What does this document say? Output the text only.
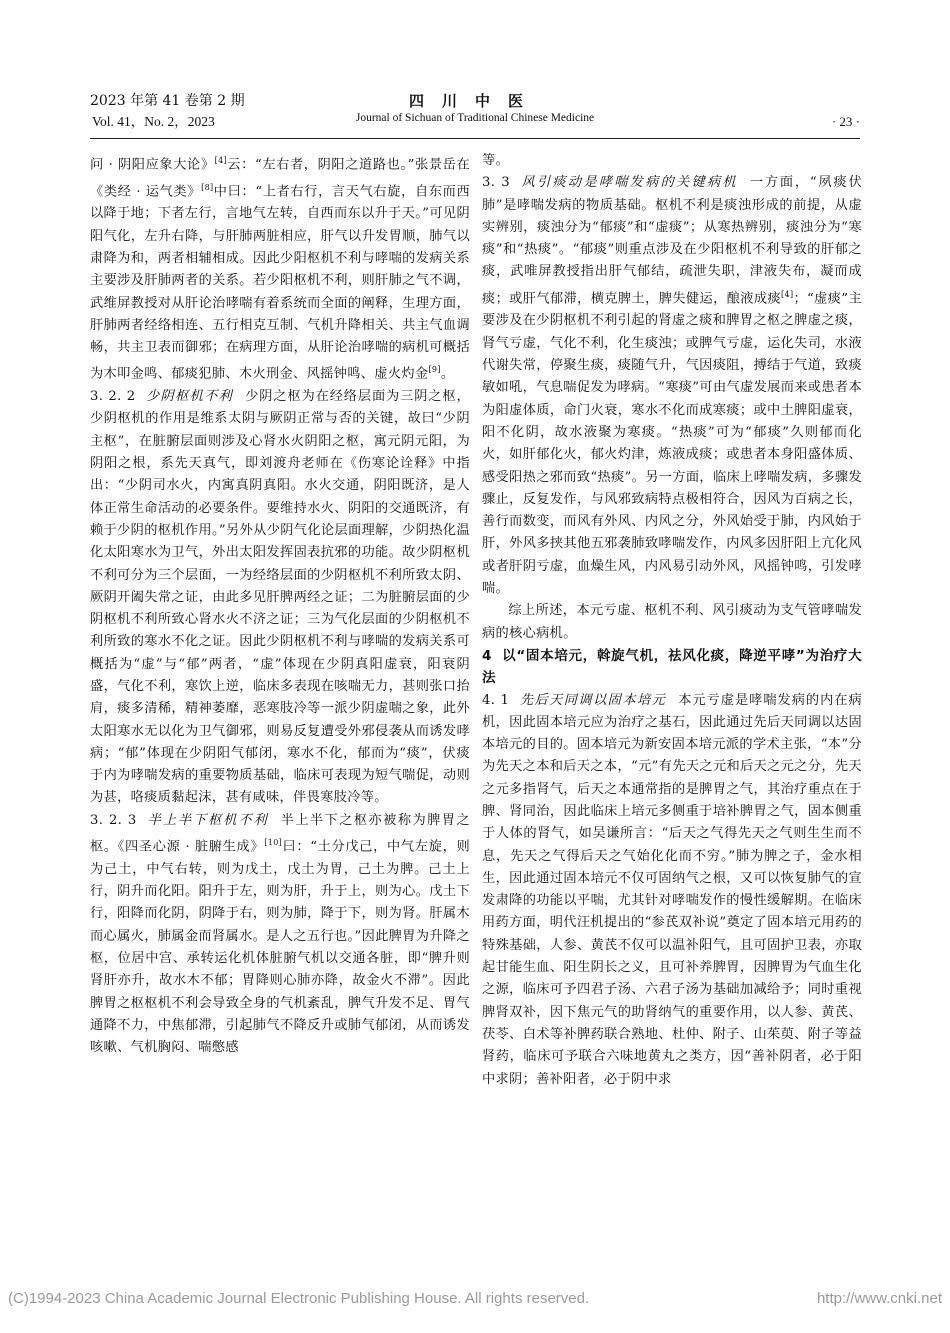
2023 年第 41 卷第 2 期
Vol. 41，No. 2，2023
四川中医
Journal of Sichuan of Traditional Chinese Medicine	· 23 ·

问 · 阴阳应象大论》[4]云：“左右者，阴阳之道路也。”张景岳在《类经 · 运气类》[8]中曰：“上者右行，言天气右旋，自东而西以降于地；下者左行，言地气左转，自西而东以升于天。”可见阴阳气化，左升右降，与肝肺两脏相应，肝气以升发胃顺，肺气以肃降为和，两者相辅相成。因此少阳枢机不利与哮喘的发病关系主要涉及肝肺两者的关系。若少阳枢机不利，则肝肺之气不调，武维屏教授对从肝论治哮喘有着系统而全面的阐释，生理方面，肝肺两者经络相连、五行相克互制、气机升降相关、共主气血调畅，共主卫表而御邪；在病理方面，从肝论治哮喘的病机可概括为木叩金鸣、郁痰犯肺、木火刑金、风摇钟鸣、虚火灼金[9]。

3. 2. 2 少阴枢机不利 少阴之枢为在经络层面为三阴之枢，少阴枢机的作用是维系太阴与厥阴正常与否的关键，故曰“少阴主枢”，在脏腑层面则涉及心肾水火阴阳之枢，寓元阴元阳，为阴阳之根，系先天真气，即刘渡舟老师在《伤寒论诠释》中指出：“少阴司水火，内寓真阴真阳。水火交通，阴阳既济，是人体正常生命活动的必要条件。要维持水火、阴阳的交通既济，有赖于少阴的枢机作用。”另外从少阴气化论层面理解，少阴热化温化太阳寒水为卫气，外出太阳发挥固表抗邪的功能。故少阴枢机不利可分为三个层面，一为经络层面的少阴枢机不利所致太阴、厥阴开阖失常之证，由此多见肝脾两经之证；二为脏腑层面的少阴枢机不利所致心肾水火不济之证；三为气化层面的少阴枢机不利所致的寒水不化之证。因此少阴枢机不利与哮喘的发病关系可概括为“虚”与“郁”两者，“虚”体现在少阴真阳虚衰，阳衰阴盛，气化不利，寒饮上逆，临床多表现在咳喘无力，甚则张口抬肩，痰多清稀，精神萎靡，恶寒肢冷等一派少阴虚喘之象，此外太阳寒水无以化为卫气御邪，则易反复遭受外邪侵袭从而诱发哮病；“郁”体现在少阴阳气郁闭，寒水不化，郁而为“痰”，伏痰于内为哮喘发病的重要物质基础，临床可表现为短气喘促，动则为甚，咯痰质黏起沫，甚有咸味，伴畏寒肢冷等。

3. 2. 3 半上半下枢机不利 半上半下之枢亦被称为脾胃之枢。《四圣心源 · 脏腑生成》[10]曰：“土分戊己，中气左旋，则为己土，中气右转，则为戊土，戊土为胃，己土为脾。己土上行，阴升而化阳。阳升于左，则为肝，升于上，则为心。戊土下行，阳降而化阴，阴降于右，则为肺，降于下，则为肾。肝属木而心属火，肺属金而肾属水。是人之五行也。”因此脾胃为升降之枢，位居中宫、承转运化机体脏腑气机以交通各脏，即“脾升则肾肝亦升，故水木不郁；胃降则心肺亦降，故金火不滞”。因此脾胃之枢枢机不利会导致全身的气机紊乱，脾气升发不足、胃气通降不力，中焦郁滞，引起肺气不降反升或肺气郁闭，从而诱发咳嗽、气机胸闷、喘憋感

等。

3. 3 风引痰动是哮喘发病的关键病机 一方面，“夙痰伏肺”是哮喘发病的物质基础。枢机不利是痰浊形成的前提，从虚实辨别，痰浊分为“郁痰”和“虚痰”；从寒热辨别，痰浊分为“寒痰”和“热痰”。“郁痰”则重点涉及在少阳枢机不利导致的肝郁之痰，武唯屏教授指出肝气郁结，疏泄失职，津液失布，凝而成痰；或肝气郁滞，横克脾土，脾失健运，酿液成痰[4]；“虚痰”主要涉及在少阴枢机不利引起的肾虚之痰和脾胃之枢之脾虚之痰，肾气亏虚，气化不利，化生痰浊；或脾气亏虚，运化失司，水液代谢失常，停聚生痰，痰随气升，气因痰阻，搏结于气道，致痰敏如吼，气息喘促发为哮病。“寒痰”可由气虚发展而来或患者本为阳虚体质，命门火衰，寒水不化而成寒痰；或中土脾阳虚衰，阳不化阴，故水液聚为寒痰。“热痰”可为“郁痰”久则郁而化火，如肝郁化火，郁火灼津，炼液成痰；或患者本身阳盛体质、感受阳热之邪而致“热痰”。另一方面，临床上哮喘发病，多骤发骤止，反复发作，与风邪致病特点极相符合，因风为百病之长，善行而数变，而风有外风、内风之分，外风始受于肺，内风始于肝，外风多挟其他五邪袭肺致哮喘发作，内风多因肝阳上亢化风或者肝阴亏虚，血燥生风，内风易引动外风，风摇钟鸣，引发哮喘。

综上所述，本元亏虚、枢机不利、风引痰动为支气管哮喘发病的核心病机。

4 以“固本培元，斡旋气机，祛风化痰，降逆平哮”为治疗大法

4. 1 先后天同调以固本培元 本元亏虚是哮喘发病的内在病机，因此固本培元应为治疗之基石，因此通过先后天同调以达固本培元的目的。固本培元为新安固本培元派的学术主张，“本”分为先天之本和后天之本，“元”有先天之元和后天之元之分，先天之元多指肾气，后天之本通常指的是脾胃之气，其治疗重点在于脾、肾同治，因此临床上培元多侧重于培补脾胃之气，固本侧重于人体的肾气，如吴谦所言：“后天之气得先天之气则生生而不息，先天之气得后天之气始化化而不穷。”肺为脾之子，金水相生，因此通过固本培元不仅可固纳气之根，又可以恢复肺气的宣发肃降的功能以平喘，尤其针对哮喘发作的慢性缓解期。在临床用药方面，明代汪机提出的“参芪双补说”奠定了固本培元用药的特殊基础，人参、黄芪不仅可以温补阳气，且可固护卫表，亦取起甘能生血、阳生阴长之义，且可补养脾胃，因脾胃为气血生化之源，临床可予四君子汤、六君子汤为基础加减给予；同时重视脾肾双补，因下焦元气的助肾纳气的重要作用，以人参、黄芪、茯苓、白术等补脾药联合熟地、杜仲、附子、山茱萸、附子等益肾药，临床可予联合六味地黄丸之类方，因“善补阴者，必于阳中求阴；善补阳者，必于阴中求

(C)1994-2023 China Academic Journal Electronic Publishing House. All rights reserved.	http://www.cnki.net
